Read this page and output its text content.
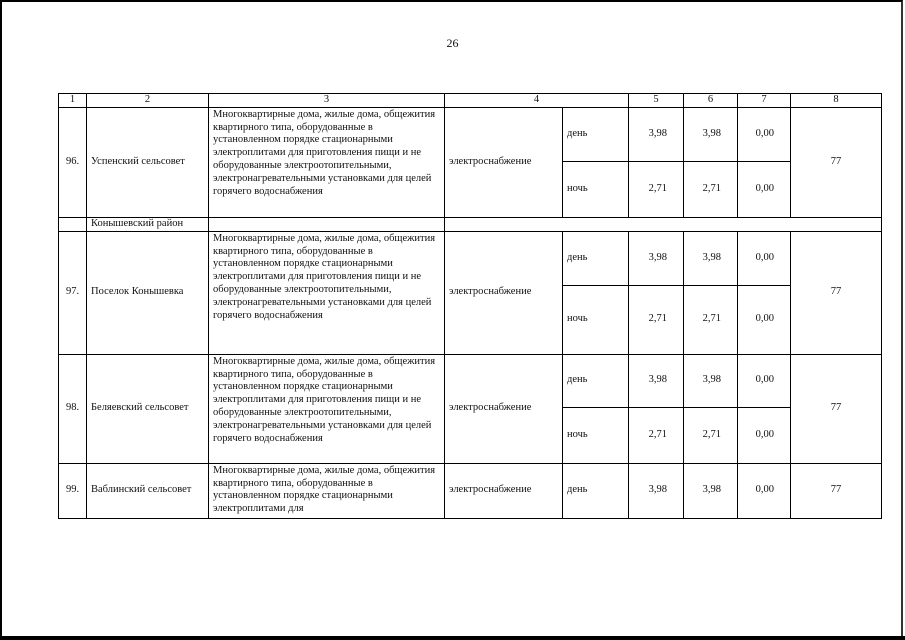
26
1	2	3	4		5	6	7	8
96.	Успенский сельсовет	Многоквартирные дома, жилые дома, общежития квартирного типа, оборудованные в установленном порядке стационарными электроплитами для приготовления пищи и не оборудованные электроотопительными, электронагревательными установками для целей горячего водоснабжения	электроснабжение	день	3,98	3,98	0,00	77
				ночь	2,71	2,71	0,00	
	Конышевский район							
97.	Поселок Конышевка	Многоквартирные дома, жилые дома, общежития квартирного типа, оборудованные в установленном порядке стационарными электроплитами для приготовления пищи и не оборудованные электроотопительными, электронагревательными установками для целей горячего водоснабжения	электроснабжение	день	3,98	3,98	0,00	77
				ночь	2,71	2,71	0,00	
98.	Беляевский сельсовет	Многоквартирные дома, жилые дома, общежития квартирного типа, оборудованные в установленном порядке стационарными электроплитами для приготовления пищи и не оборудованные электроотопительными, электронагревательными установками для целей горячего водоснабжения	электроснабжение	день	3,98	3,98	0,00	77
				ночь	2,71	2,71	0,00	
99.	Ваблинский сельсовет	Многоквартирные дома, жилые дома, общежития квартирного типа, оборудованные в установленном порядке стационарными электроплитами для	электроснабжение	день	3,98	3,98	0,00	77
